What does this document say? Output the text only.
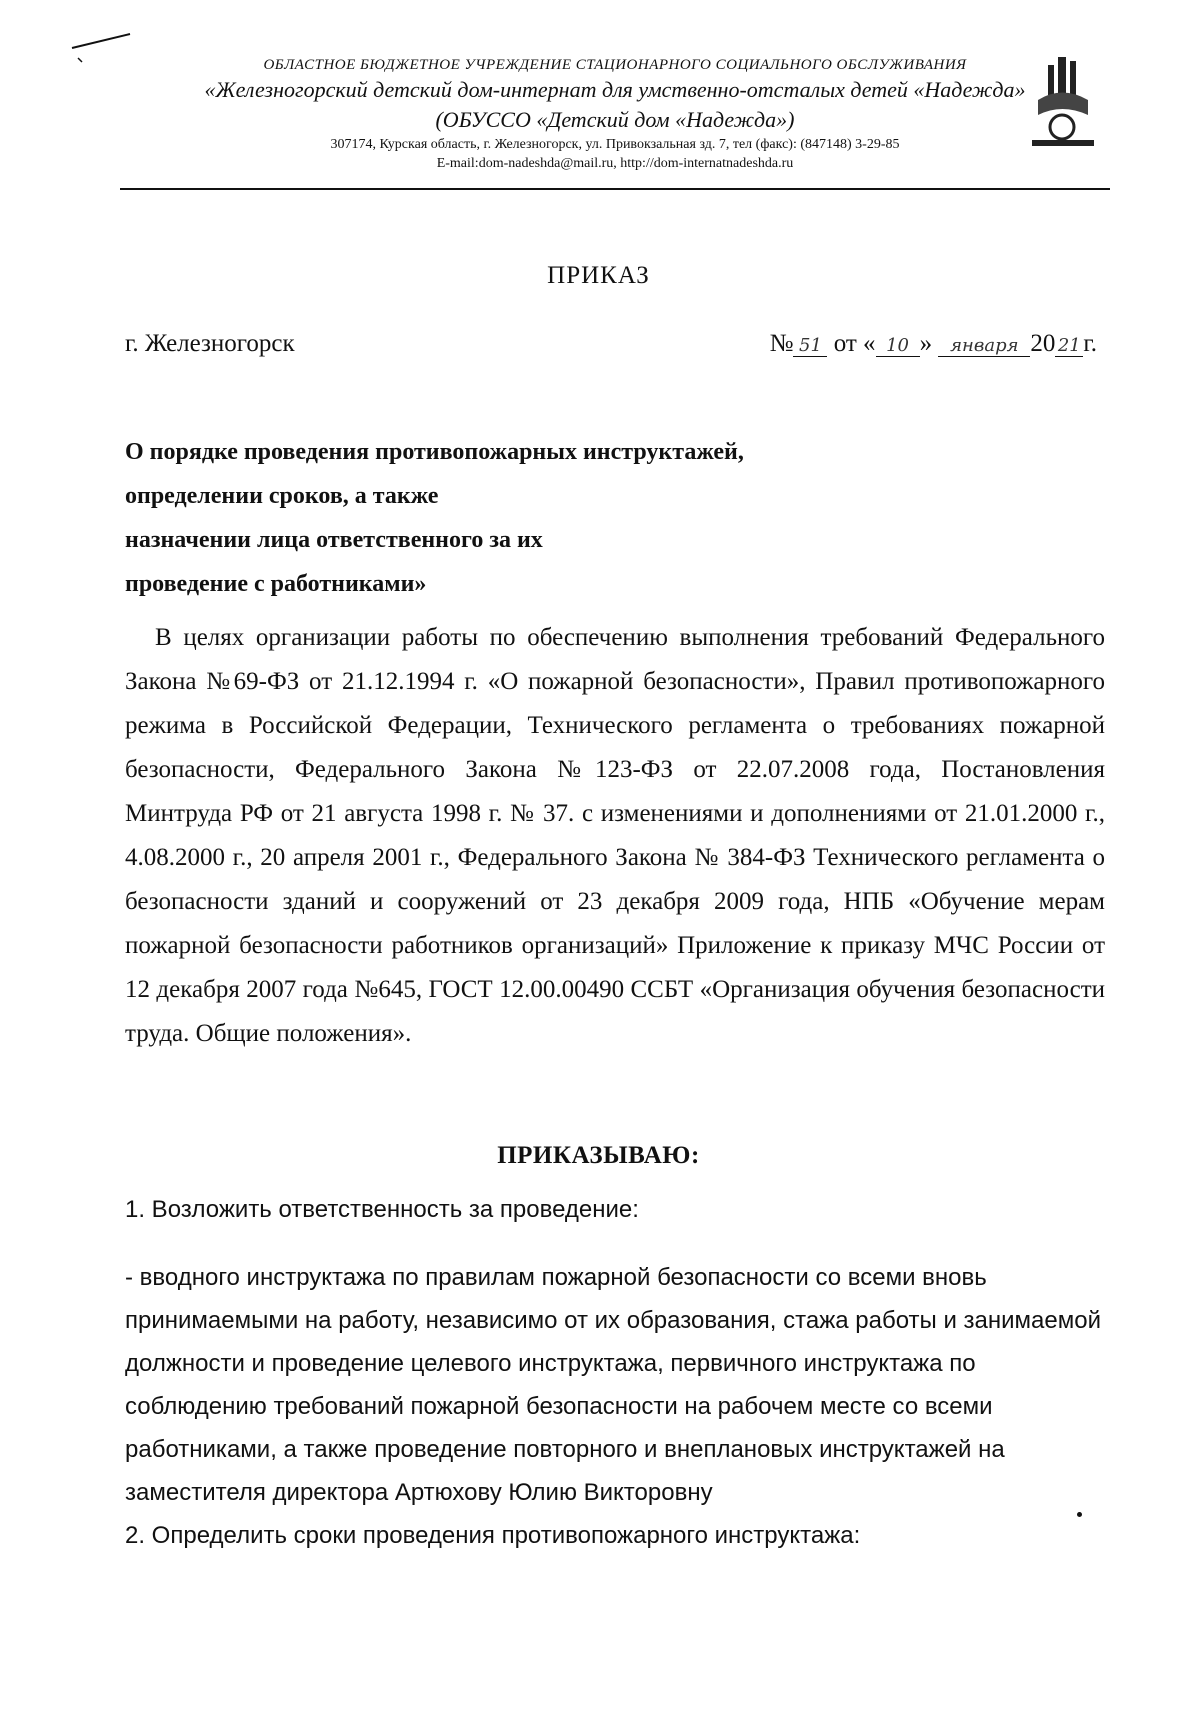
ОБЛАСТНОЕ БЮДЖЕТНОЕ УЧРЕЖДЕНИЕ СТАЦИОНАРНОГО СОЦИАЛЬНОГО ОБСЛУЖИВАНИЯ
«Железногорский детский дом-интернат для умственно-отсталых детей «Надежда»
(ОБУССО «Детский дом «Надежда»)
307174, Курская область, г. Железногорск, ул. Привокзальная зд. 7, тел (факс): (847148) 3-29-85
E-mail:dom-nadeshda@mail.ru, http://dom-internatnadeshda.ru
ПРИКАЗ
г. Железногорск	№ 51 от « 10 » января 20 21 г.
О порядке проведения противопожарных инструктажей,
определении сроков, а также
назначении лица ответственного за их
проведение с работниками»
В целях организации работы по обеспечению выполнения требований Федерального Закона №69-ФЗ от 21.12.1994 г. «О пожарной безопасности», Правил противопожарного режима в Российской Федерации, Технического регламента о требованиях пожарной безопасности, Федерального Закона №123-ФЗ от 22.07.2008 года, Постановления Минтруда РФ от 21 августа 1998 г. № 37. с изменениями и дополнениями от 21.01.2000 г., 4.08.2000 г., 20 апреля 2001 г., Федерального Закона № 384-ФЗ Технического регламента о безопасности зданий и сооружений от 23 декабря 2009 года, НПБ «Обучение мерам пожарной безопасности работников организаций» Приложение к приказу МЧС России от 12 декабря 2007 года №645, ГОСТ 12.00.00490 ССБТ «Организация обучения безопасности труда. Общие положения».
ПРИКАЗЫВАЮ:
1. Возложить ответственность за проведение:
- вводного инструктажа по правилам пожарной безопасности со всеми вновь принимаемыми на работу, независимо от их образования, стажа работы и занимаемой должности и проведение целевого инструктажа, первичного инструктажа по соблюдению требований пожарной безопасности на рабочем месте со всеми работниками, а также проведение повторного и внеплановых инструктажей на заместителя директора Артюхову Юлию Викторовну
2. Определить сроки проведения противопожарного инструктажа:
